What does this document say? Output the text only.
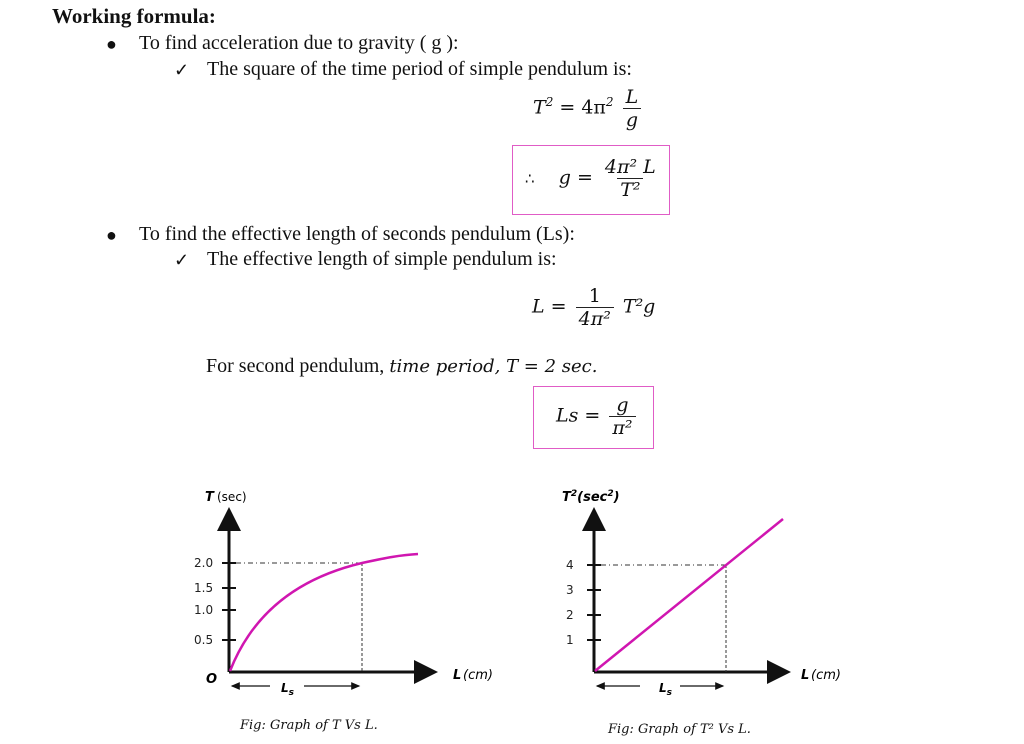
Working formula:
● To find acceleration due to gravity ( g ):
✓ The square of the time period of simple pendulum is:
$T^2 = 4\pi^2 \frac{L}{g}$
∴ $g = \frac{\text{4π² L}}{\text{T²}}$
● To find the effective length of seconds pendulum (Ls):
✓ The effective length of simple pendulum is:
$L = \frac{1}{\text{4π²}} T^2g$
For second pendulum, time period, T = 2 sec.
$Ls = \frac{g}{\text{π²}}$
T (sec)
2.0
1.5
1.0
0.5
O
$L_s$
L (cm)
Fig: Graph of T Vs L.
$T^2(\sec^2)$
4
3
2
1
$L_s$
L (cm)
Fig: Graph of T² Vs L.
